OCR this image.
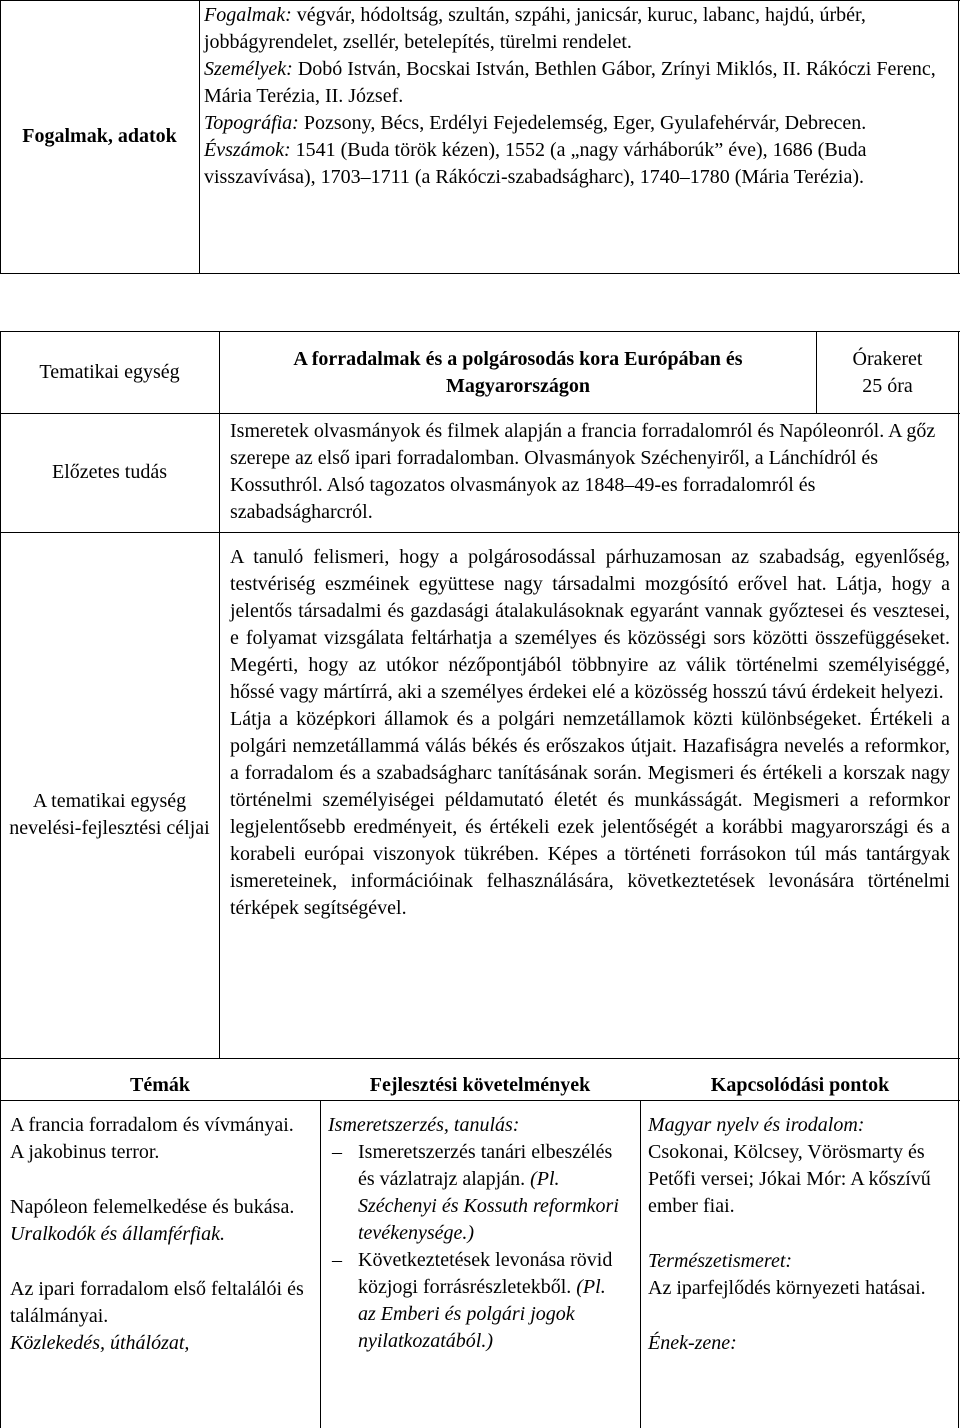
Fogalmak, adatok
Fogalmak: végvár, hódoltság, szultán, szpáhi, janicsár, kuruc, labanc, hajdú, úrbér, jobbágyrendelet, zsellér, betelepítés, türelmi rendelet.
Személyek: Dobó István, Bocskai István, Bethlen Gábor, Zrínyi Miklós, II. Rákóczi Ferenc, Mária Terézia, II. József.
Topográfia: Pozsony, Bécs, Erdélyi Fejedelemség, Eger, Gyulafehérvár, Debrecen.
Évszámok: 1541 (Buda török kézen), 1552 (a „nagy várháborúk” éve), 1686 (Buda visszavívása), 1703–1711 (a Rákóczi-szabadságharc), 1740–1780 (Mária Terézia).
Tematikai egység
A forradalmak és a polgárosodás kora Európában és Magyarországon
Órakeret
25 óra
Előzetes tudás
Ismeretek olvasmányok és filmek alapján a francia forradalomról és Napóleonról. A gőz szerepe az első ipari forradalomban. Olvasmányok Széchenyiről, a Lánchídról és Kossuthról. Alsó tagozatos olvasmányok az 1848–49-es forradalomról és szabadságharcról.
A tematikai egység nevelési-fejlesztési céljai
A tanuló felismeri, hogy a polgárosodással párhuzamosan az szabadság, egyenlőség, testvériség eszméinek együttese nagy társadalmi mozgósító erővel hat. Látja, hogy a jelentős társadalmi és gazdasági átalakulásoknak egyaránt vannak győztesei és vesztesei, e folyamat vizsgálata feltárhatja a személyes és közösségi sors közötti összefüggéseket. Megérti, hogy az utókor nézőpontjából többnyire az válik történelmi személyiséggé, hőssé vagy mártírrá, aki a személyes érdekei elé a közösség hosszú távú érdekeit helyezi.
Látja a középkori államok és a polgári nemzetállamok közti különbségeket. Értékeli a polgári nemzetállammá válás békés és erőszakos útjait. Hazafiságra nevelés a reformkor, a forradalom és a szabadságharc tanításának során. Megismeri és értékeli a korszak nagy történelmi személyiségei példamutató életét és munkásságát. Megismeri a reformkor legjelentősebb eredményeit, és értékeli ezek jelentőségét a korábbi magyarországi és a korabeli európai viszonyok tükrében. Képes a történeti forrásokon túl más tantárgyak ismereteinek, információinak felhasználására, következtetések levonására történelmi térképek segítségével.
Témák	Fejlesztési követelmények	Kapcsolódási pontok
A francia forradalom és vívmányai. A jakobinus terror.
Napóleon felemelkedése és bukása.
Uralkodók és államférfiak.
Az ipari forradalom első feltalálói és találmányai.
Közlekedés, úthálózat,
Ismeretszerzés, tanulás:
– Ismeretszerzés tanári elbeszélés és vázlatrajz alapján. (Pl. Széchenyi és Kossuth reformkori tevékenysége.)
– Következtetések levonása rövid közjogi forrásrészletekből. (Pl. az Emberi és polgári jogok nyilatkozatából.)
Magyar nyelv és irodalom:
Csokonai, Kölcsey, Vörösmarty és Petőfi versei; Jókai Mór: A kőszívű ember fiai.
Természetismeret:
Az iparfejlődés környezeti hatásai.
Ének-zene:
